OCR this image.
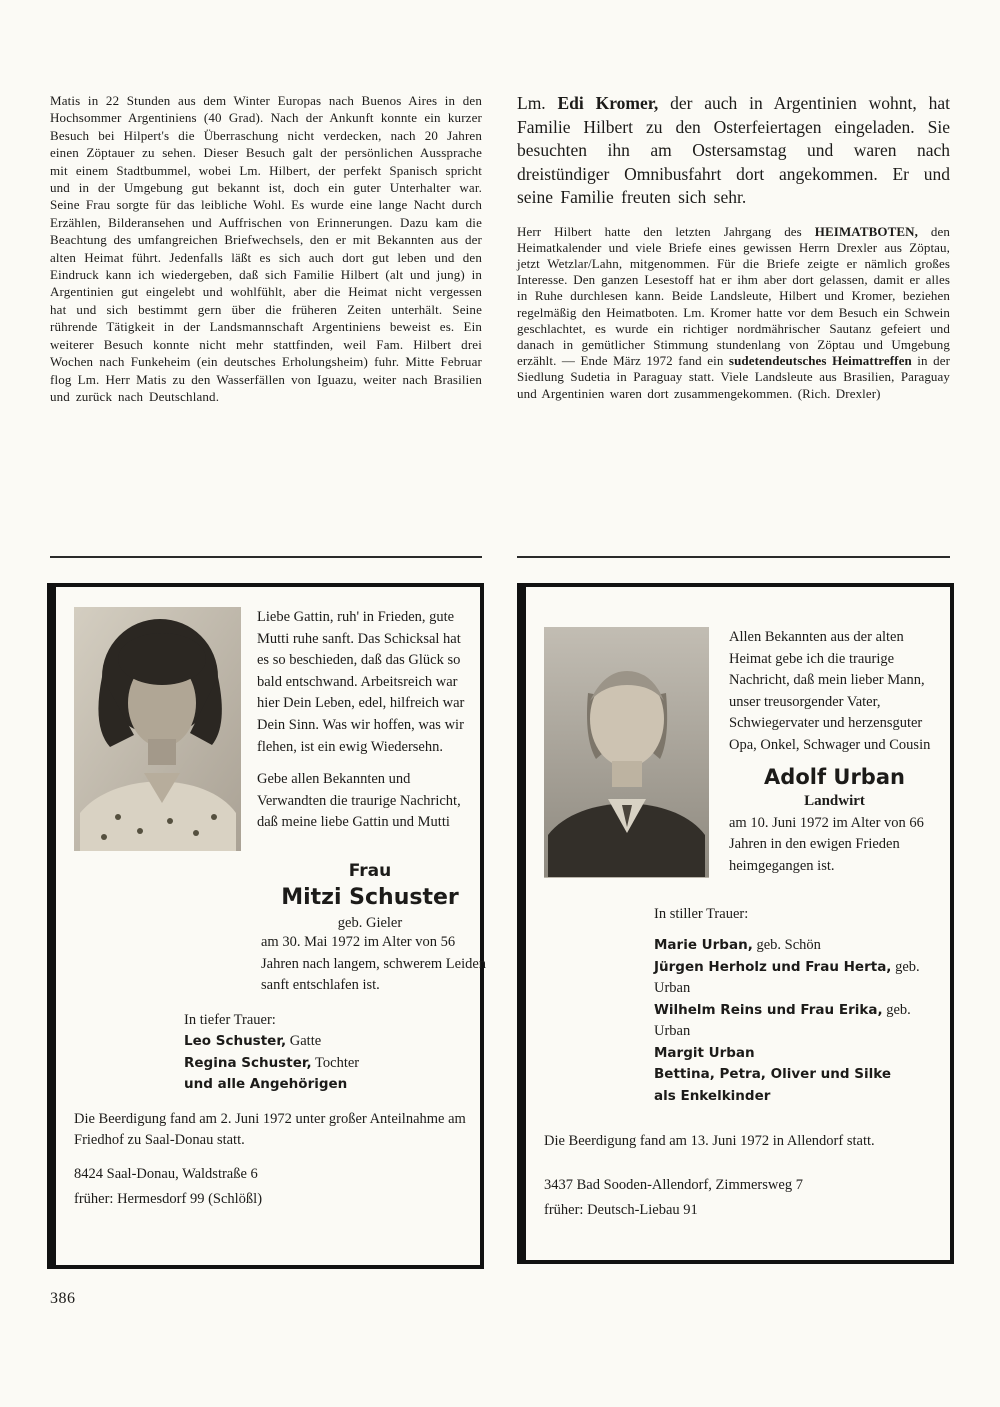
Matis in 22 Stunden aus dem Winter Europas nach Buenos Aires in den Hochsommer Argentiniens (40 Grad). Nach der Ankunft konnte ein kurzer Besuch bei Hilpert's die Überraschung nicht verdecken, nach 20 Jahren einen Zöptauer zu sehen. Dieser Besuch galt der persönlichen Aussprache mit einem Stadtbummel, wobei Lm. Hilbert, der perfekt Spanisch spricht und in der Umgebung gut bekannt ist, doch ein guter Unterhalter war. Seine Frau sorgte für das leibliche Wohl. Es wurde eine lange Nacht durch Erzählen, Bilderansehen und Auffrischen von Erinnerungen. Dazu kam die Beachtung des umfangreichen Briefwechsels, den er mit Bekannten aus der alten Heimat führt. Jedenfalls läßt es sich auch dort gut leben und den Eindruck kann ich wiedergeben, daß sich Familie Hilbert (alt und jung) in Argentinien gut eingelebt und wohlfühlt, aber die Heimat nicht vergessen hat und sich bestimmt gern über die früheren Zeiten unterhält. Seine rührende Tätigkeit in der Landsmannschaft Argentiniens beweist es. Ein weiterer Besuch konnte nicht mehr stattfinden, weil Fam. Hilbert drei Wochen nach Funkeheim (ein deutsches Erholungsheim) fuhr. Mitte Februar flog Lm. Herr Matis zu den Wasserfällen von Iguazu, weiter nach Brasilien und zurück nach Deutschland.

Lm. Edi Kromer, der auch in Argentinien wohnt, hat Familie Hilbert zu den Osterfeiertagen eingeladen. Sie besuchten ihn am Ostersamstag und waren nach dreistündiger Omnibusfahrt dort angekommen. Er und seine Familie freuten sich sehr.

Herr Hilbert hatte den letzten Jahrgang des HEIMATBOTEN, den Heimatkalender und viele Briefe eines gewissen Herrn Drexler aus Zöptau, jetzt Wetzlar/Lahn, mitgenommen. Für die Briefe zeigte er nämlich großes Interesse. Den ganzen Lesestoff hat er ihm aber dort gelassen, damit er alles in Ruhe durchlesen kann. Beide Landsleute, Hilbert und Kromer, beziehen regelmäßig den Heimatboten. Lm. Kromer hatte vor dem Besuch ein Schwein geschlachtet, es wurde ein richtiger nordmährischer Sautanz gefeiert und danach in gemütlicher Stimmung stundenlang von Zöptau und Umgebung erzählt. — Ende März 1972 fand ein sudetendeutsches Heimattreffen in der Siedlung Sudetia in Paraguay statt. Viele Landsleute aus Brasilien, Paraguay und Argentinien waren dort zusammengekommen. (Rich. Drexler)

Liebe Gattin, ruh' in Frieden, gute Mutti ruhe sanft. Das Schicksal hat es so beschieden, daß das Glück so bald entschwand. Arbeitsreich war hier Dein Leben, edel, hilfreich war Dein Sinn. Was wir hoffen, was wir flehen, ist ein ewig Wiedersehn.

Gebe allen Bekannten und Verwandten die traurige Nachricht, daß meine liebe Gattin und Mutti

Frau
Mitzi Schuster
geb. Gieler

am 30. Mai 1972 im Alter von 56 Jahren nach langem, schwerem Leiden sanft entschlafen ist.

In tiefer Trauer:
Leo Schuster, Gatte
Regina Schuster, Tochter
und alle Angehörigen

Die Beerdigung fand am 2. Juni 1972 unter großer Anteilnahme am Friedhof zu Saal-Donau statt.

8424 Saal-Donau, Waldstraße 6
früher: Hermesdorf 99 (Schlößl)

Allen Bekannten aus der alten Heimat gebe ich die traurige Nachricht, daß mein lieber Mann, unser treusorgender Vater, Schwiegervater und herzensguter Opa, Onkel, Schwager und Cousin

Adolf Urban
Landwirt

am 10. Juni 1972 im Alter von 66 Jahren in den ewigen Frieden heimgegangen ist.

In stiller Trauer:
Marie Urban, geb. Schön
Jürgen Herholz und Frau Herta, geb. Urban
Wilhelm Reins und Frau Erika, geb. Urban
Margit Urban
Bettina, Petra, Oliver und Silke
als Enkelkinder

Die Beerdigung fand am 13. Juni 1972 in Allendorf statt.

3437 Bad Sooden-Allendorf, Zimmersweg 7
früher: Deutsch-Liebau 91
386
